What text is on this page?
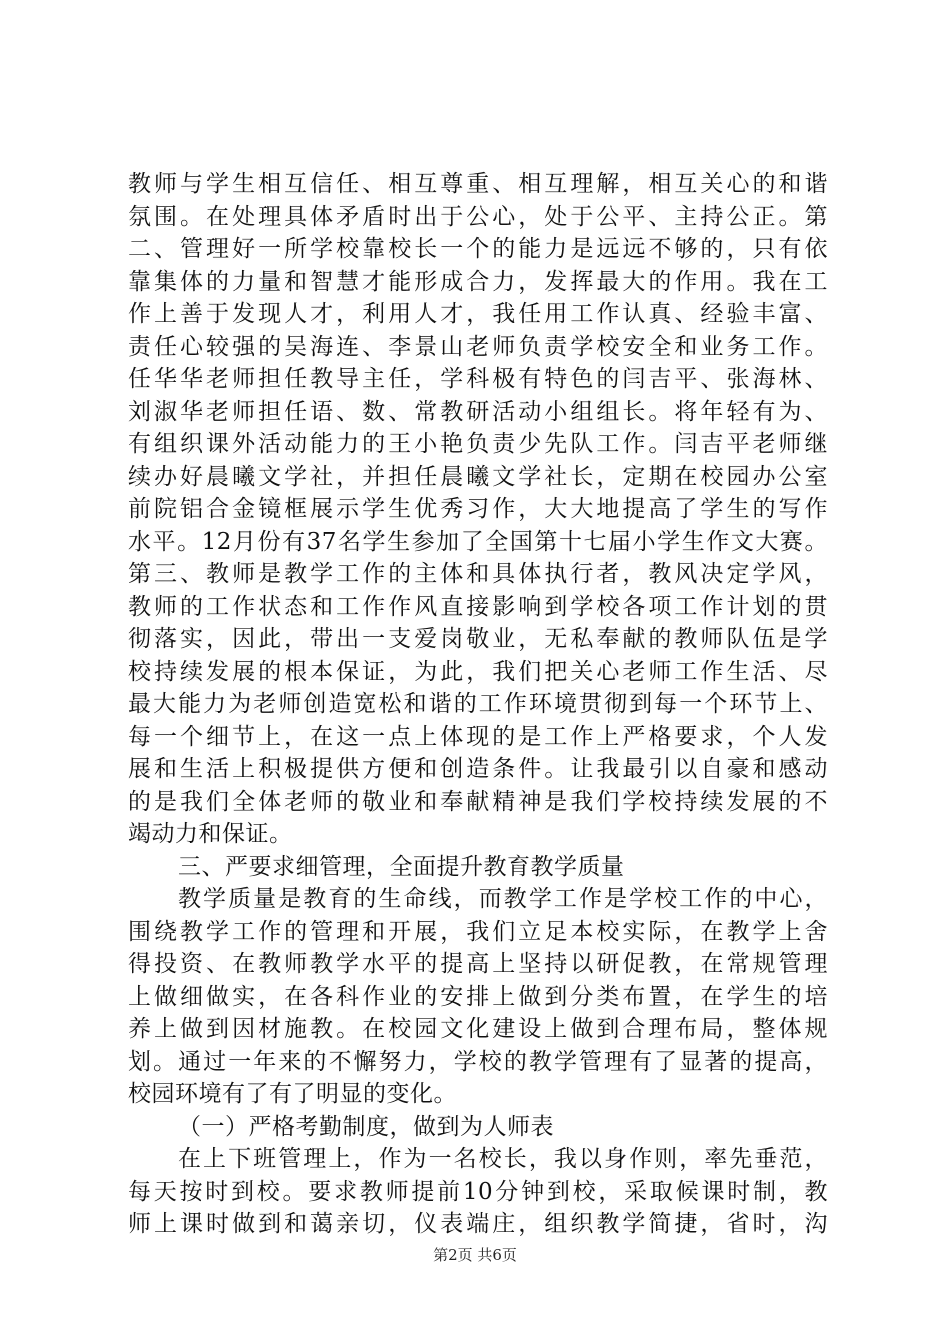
教师与学生相互信任、相互尊重、相互理解，相互关心的和谐
氛围。在处理具体矛盾时出于公心，处于公平、主持公正。第
二、管理好一所学校靠校长一个的能力是远远不够的，只有依
靠集体的力量和智慧才能形成合力，发挥最大的作用。我在工
作上善于发现人才，利用人才，我任用工作认真、经验丰富、
责任心较强的吴海连、李景山老师负责学校安全和业务工作。
任华华老师担任教导主任，学科极有特色的闫吉平、张海林、
刘淑华老师担任语、数、常教研活动小组组长。将年轻有为、
有组织课外活动能力的王小艳负责少先队工作。闫吉平老师继
续办好晨曦文学社，并担任晨曦文学社长，定期在校园办公室
前院铝合金镜框展示学生优秀习作，大大地提高了学生的写作
水平。12月份有37名学生参加了全国第十七届小学生作文大赛。
第三、教师是教学工作的主体和具体执行者，教风决定学风，
教师的工作状态和工作作风直接影响到学校各项工作计划的贯
彻落实，因此，带出一支爱岗敬业，无私奉献的教师队伍是学
校持续发展的根本保证，为此，我们把关心老师工作生活、尽
最大能力为老师创造宽松和谐的工作环境贯彻到每一个环节上、
每一个细节上，在这一点上体现的是工作上严格要求，个人发
展和生活上积极提供方便和创造条件。让我最引以自豪和感动
的是我们全体老师的敬业和奉献精神是我们学校持续发展的不
竭动力和保证。
三、严要求细管理，全面提升教育教学质量
教学质量是教育的生命线，而教学工作是学校工作的中心，
围绕教学工作的管理和开展，我们立足本校实际，在教学上舍
得投资、在教师教学水平的提高上坚持以研促教，在常规管理
上做细做实，在各科作业的安排上做到分类布置，在学生的培
养上做到因材施教。在校园文化建设上做到合理布局，整体规
划。通过一年来的不懈努力，学校的教学管理有了显著的提高，
校园环境有了有了明显的变化。
（一）严格考勤制度，做到为人师表
在上下班管理上，作为一名校长，我以身作则，率先垂范，
每天按时到校。要求教师提前10分钟到校，采取候课时制，教
师上课时做到和蔼亲切，仪表端庄，组织教学简捷，省时，沟
第2页 共6页
